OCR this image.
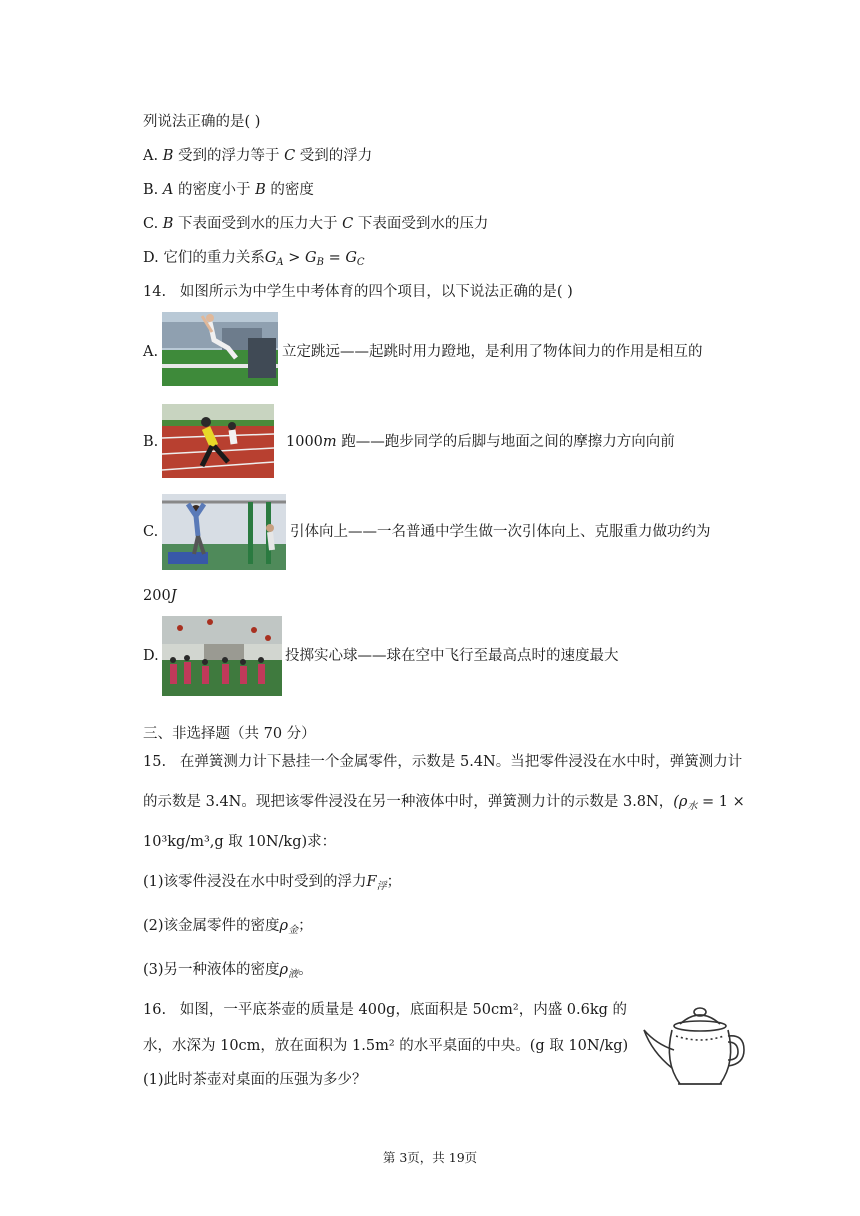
列说法正确的是( )
A. B 受到的浮力等于 C 受到的浮力
B. A 的密度小于 B 的密度
C. B 下表面受到水的压力大于 C 下表面受到水的压力
D. 它们的重力关系$G_A > G_B = G_C$
14. 如图所示为中学生中考体育的四个项目，以下说法正确的是( )
A.	立定跳远——起跳时用力蹬地，是利用了物体间力的作用是相互的
B.	1000m 跑——跑步同学的后脚与地面之间的摩擦力方向向前
C.	引体向上——一名普通中学生做一次引体向上、克服重力做功约为
200J
D.	投掷实心球——球在空中飞行至最高点时的速度最大
三、非选择题（共 70 分）
15. 在弹簧测力计下悬挂一个金属零件，示数是 5.4N。当把零件浸没在水中时，弹簧测力计
的示数是 3.4N。现把该零件浸没在另一种液体中时，弹簧测力计的示数是 3.8N，($\rho_水 = 1$ ×
10³kg/m³,g 取 10N/kg)求：
(1)该零件浸没在水中时受到的浮力$F_浮$；
(2)该金属零件的密度$\rho_金$；
(3)另一种液体的密度$\rho_液$。
16. 如图，一平底茶壶的质量是 400g，底面积是 50cm²，内盛 0.6kg 的
水，水深为 10cm，放在面积为 1.5m² 的水平桌面的中央。(g 取 10N/kg)
(1)此时茶壶对桌面的压强为多少？
第 3页，共 19页
